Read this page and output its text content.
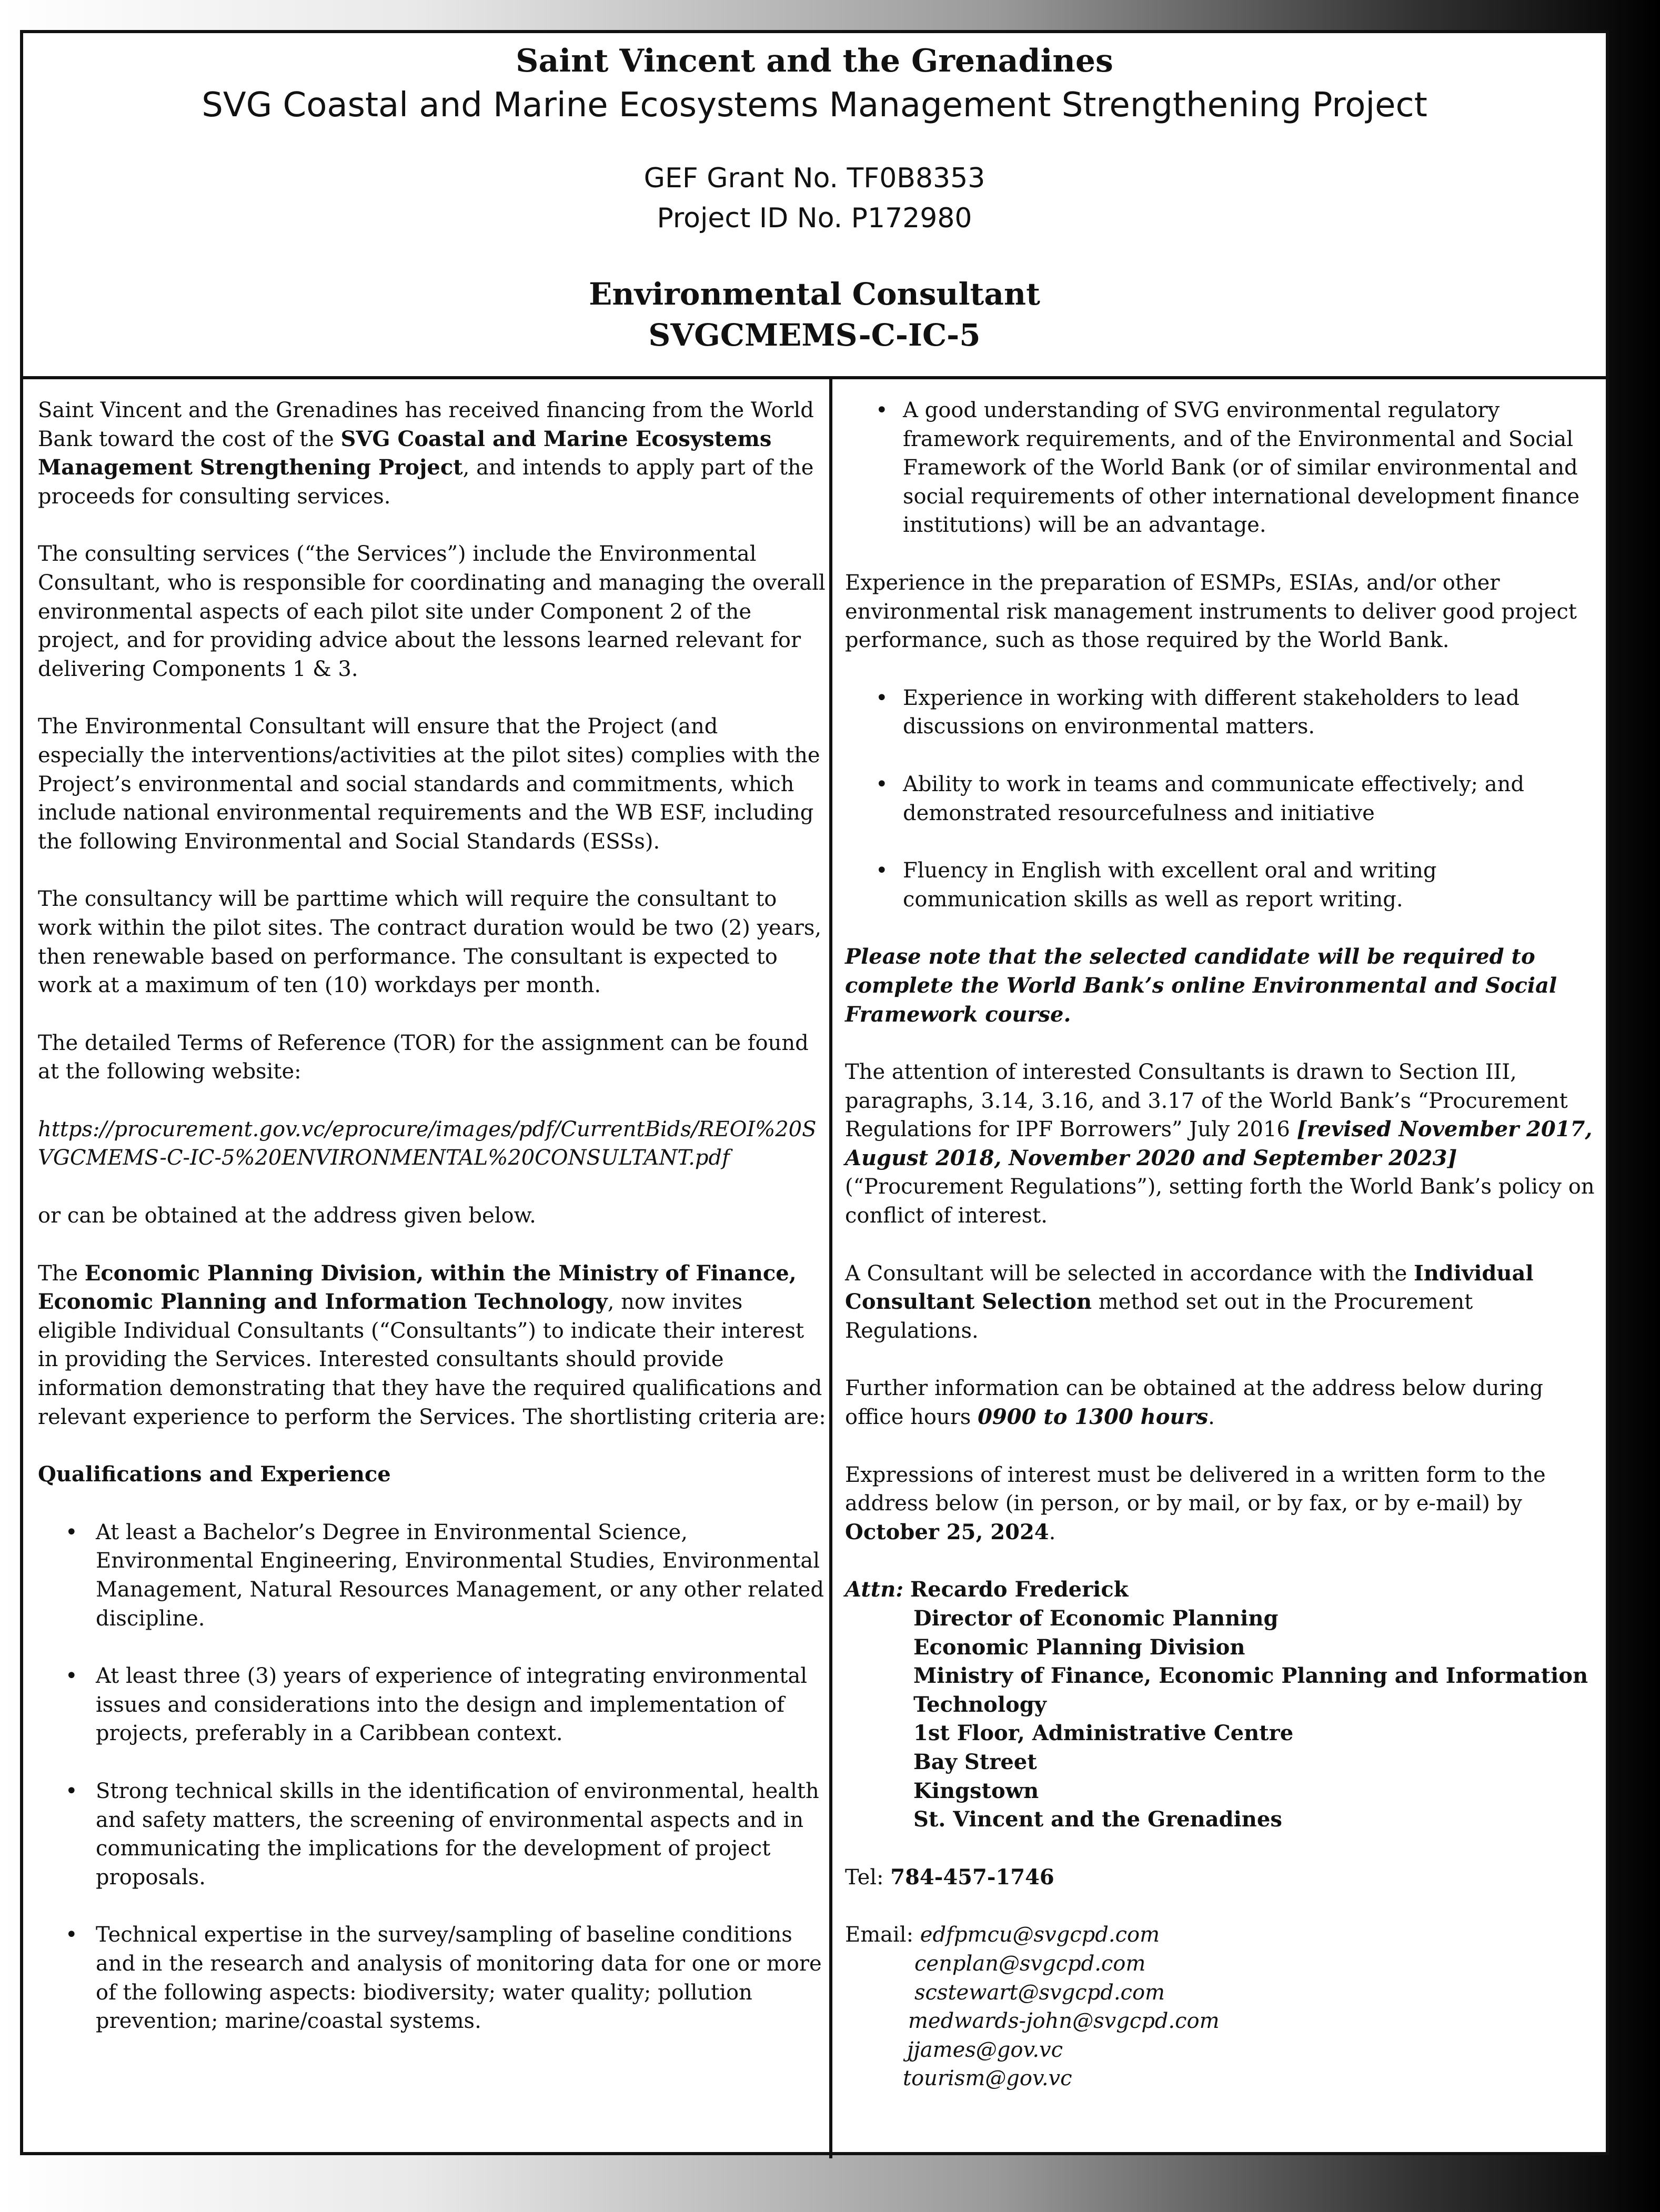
Saint Vincent and the Grenadines
SVG Coastal and Marine Ecosystems Management Strengthening Project
GEF Grant No. TF0B8353
Project ID No. P172980
Environmental Consultant
SVGCMEMS-C-IC-5

Saint Vincent and the Grenadines has received financing from the World Bank toward the cost of the SVG Coastal and Marine Ecosystems Management Strengthening Project, and intends to apply part of the proceeds for consulting services.

The consulting services (“the Services”) include the Environmental Consultant, who is responsible for coordinating and managing the overall environmental aspects of each pilot site under Component 2 of the project, and for providing advice about the lessons learned relevant for delivering Components 1 & 3.

The Environmental Consultant will ensure that the Project (and especially the interventions/activities at the pilot sites) complies with the Project’s environmental and social standards and commitments, which include national environmental requirements and the WB ESF, including the following Environmental and Social Standards (ESSs).

The consultancy will be parttime which will require the consultant to work within the pilot sites. The contract duration would be two (2) years, then renewable based on performance. The consultant is expected to work at a maximum of ten (10) workdays per month.

The detailed Terms of Reference (TOR) for the assignment can be found at the following website:

https://procurement.gov.vc/eprocure/images/pdf/CurrentBids/REOI%20SVGCMEMS-C-IC-5%20ENVIRONMENTAL%20CONSULTANT.pdf

or can be obtained at the address given below.

The Economic Planning Division, within the Ministry of Finance, Economic Planning and Information Technology, now invites eligible Individual Consultants (“Consultants”) to indicate their interest in providing the Services. Interested consultants should provide information demonstrating that they have the required qualifications and relevant experience to perform the Services. The shortlisting criteria are:

Qualifications and Experience
• At least a Bachelor’s Degree in Environmental Science, Environmental Engineering, Environmental Studies, Environmental Management, Natural Resources Management, or any other related discipline.
• At least three (3) years of experience of integrating environmental issues and considerations into the design and implementation of projects, preferably in a Caribbean context.
• Strong technical skills in the identification of environmental, health and safety matters, the screening of environmental aspects and in communicating the implications for the development of project proposals.
• Technical expertise in the survey/sampling of baseline conditions and in the research and analysis of monitoring data for one or more of the following aspects: biodiversity; water quality; pollution prevention; marine/coastal systems.
• A good understanding of SVG environmental regulatory framework requirements, and of the Environmental and Social Framework of the World Bank (or of similar environmental and social requirements of other international development finance institutions) will be an advantage.

Experience in the preparation of ESMPs, ESIAs, and/or other environmental risk management instruments to deliver good project performance, such as those required by the World Bank.

• Experience in working with different stakeholders to lead discussions on environmental matters.
• Ability to work in teams and communicate effectively; and demonstrated resourcefulness and initiative
• Fluency in English with excellent oral and writing communication skills as well as report writing.

Please note that the selected candidate will be required to complete the World Bank’s online Environmental and Social Framework course.

The attention of interested Consultants is drawn to Section III, paragraphs, 3.14, 3.16, and 3.17 of the World Bank’s “Procurement Regulations for IPF Borrowers” July 2016 [revised November 2017, August 2018, November 2020 and September 2023] (“Procurement Regulations”), setting forth the World Bank’s policy on conflict of interest.

A Consultant will be selected in accordance with the Individual Consultant Selection method set out in the Procurement Regulations.

Further information can be obtained at the address below during office hours 0900 to 1300 hours.

Expressions of interest must be delivered in a written form to the address below (in person, or by mail, or by fax, or by e-mail) by October 25, 2024.

Attn: Recardo Frederick
Director of Economic Planning
Economic Planning Division
Ministry of Finance, Economic Planning and Information Technology
1st Floor, Administrative Centre
Bay Street
Kingstown
St. Vincent and the Grenadines

Tel: 784-457-1746

Email: edfpmcu@svgcpd.com
cenplan@svgcpd.com
scstewart@svgcpd.com
medwards-john@svgcpd.com
jjames@gov.vc
tourism@gov.vc
